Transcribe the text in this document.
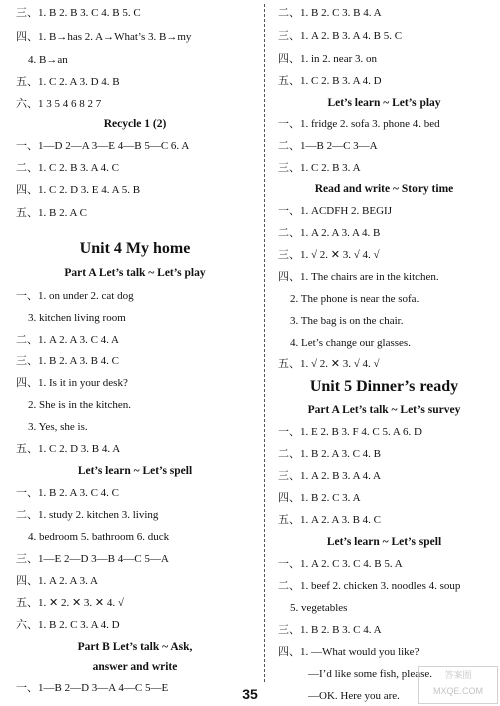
三、1. B 2. B 3. C 4. B 5. C
四、1. B→has 2. A→What’s 3. B→my
4. B→an
五、1. C 2. A 3. D 4. B
六、1 3 5 4 6 8 2 7
Recycle 1 (2)
一、1—D 2—A 3—E 4—B 5—C 6. A
二、1. C 2. B 3. A 4. C
四、1. C 2. D 3. E 4. A 5. B
五、1. B 2. A C
Unit 4 My home
Part A Let’s talk ~ Let’s play
一、1. on under 2. cat dog
3. kitchen living room
二、1. A 2. A 3. C 4. A
三、1. B 2. A 3. B 4. C
四、1. Is it in your desk?
2. She is in the kitchen.
3. Yes, she is.
五、1. C 2. D 3. B 4. A
Let’s learn ~ Let’s spell
一、1. B 2. A 3. C 4. C
二、1. study 2. kitchen 3. living
4. bedroom 5. bathroom 6. duck
三、1—E 2—D 3—B 4—C 5—A
四、1. A 2. A 3. A
五、1. ✕ 2. ✕ 3. ✕ 4. √
六、1. B 2. C 3. A 4. D
Part B Let’s talk ~ Ask,
answer and write
一、1—B 2—D 3—A 4—C 5—E
二、1. B 2. C 3. B 4. A
三、1. A 2. B 3. A 4. B 5. C
四、1. in 2. near 3. on
五、1. C 2. B 3. A 4. D
Let’s learn ~ Let’s play
一、1. fridge 2. sofa 3. phone 4. bed
二、1—B 2—C 3—A
三、1. C 2. B 3. A
Read and write ~ Story time
一、1. ACDFH 2. BEGIJ
二、1. A 2. A 3. A 4. B
三、1. √ 2. ✕ 3. √ 4. √
四、1. The chairs are in the kitchen.
2. The phone is near the sofa.
3. The bag is on the chair.
4. Let’s change our glasses.
五、1. √ 2. ✕ 3. √ 4. √
Unit 5 Dinner’s ready
Part A Let’s talk ~ Let’s survey
一、1. E 2. B 3. F 4. C 5. A 6. D
二、1. B 2. A 3. C 4. B
三、1. A 2. B 3. A 4. A
四、1. B 2. C 3. A
五、1. A 2. A 3. B 4. C
Let’s learn ~ Let’s spell
一、1. A 2. C 3. C 4. B 5. A
二、1. beef 2. chicken 3. noodles 4. soup
5. vegetables
三、1. B 2. B 3. C 4. A
四、1. —What would you like?
—I’d like some fish, please.
—OK. Here you are.
35
答案圈 MXQE.COM
